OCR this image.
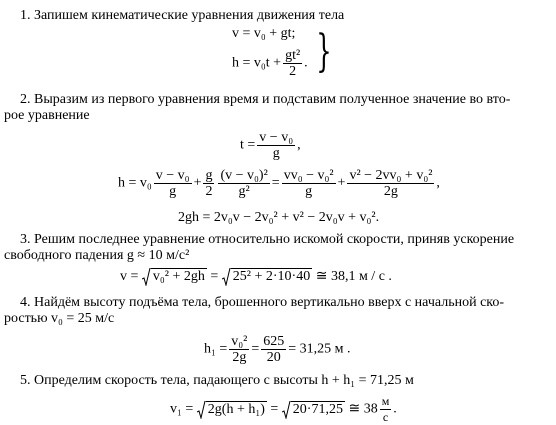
1. Запишем кинематические уравнения движения тела
v = v₀ + gt;
$h = v_0t + \frac{\text{gt²}}{2}$ . }
2. Выразим из первого уравнения время и подставим полученное значение во вто-
рое уравнение
$t = \frac{\text{v − v₀}}{g}$ ,
$h = v_0 \frac{\text{v − v₀}}{g} + \frac{g}{2} \frac{\text{(v − v₀)²}}{\text{g²}} = \frac{\text{vv₀ − v₀²}}{g} + \frac{\text{v² − 2vv₀ + v₀²}}{2g}$ ,
2gh = 2v₀v − 2v₀² + v² − 2v₀v + v₀².
3. Решим последнее уравнение относительно искомой скорости, приняв ускорение
свободного падения g ≈ 10 м/с²
v = v₀² + 2gh = 25² + 2·10·40 ≅ 38,1 м / с .
4. Найдём высоту подъёма тела, брошенного вертикально вверх с начальной ско-
ростью v₀ = 25 м/с
$h_1 = \frac{\text{v₀²}}{2g} = \frac{625}{20} = 31,25$ м .
5. Определим скорость тела, падающего с высоты h + h₁ = 71,25 м
v₁ = 2g(h + h₁) = 20·71,25 ≅ $38 \frac{м}{с}$ .
